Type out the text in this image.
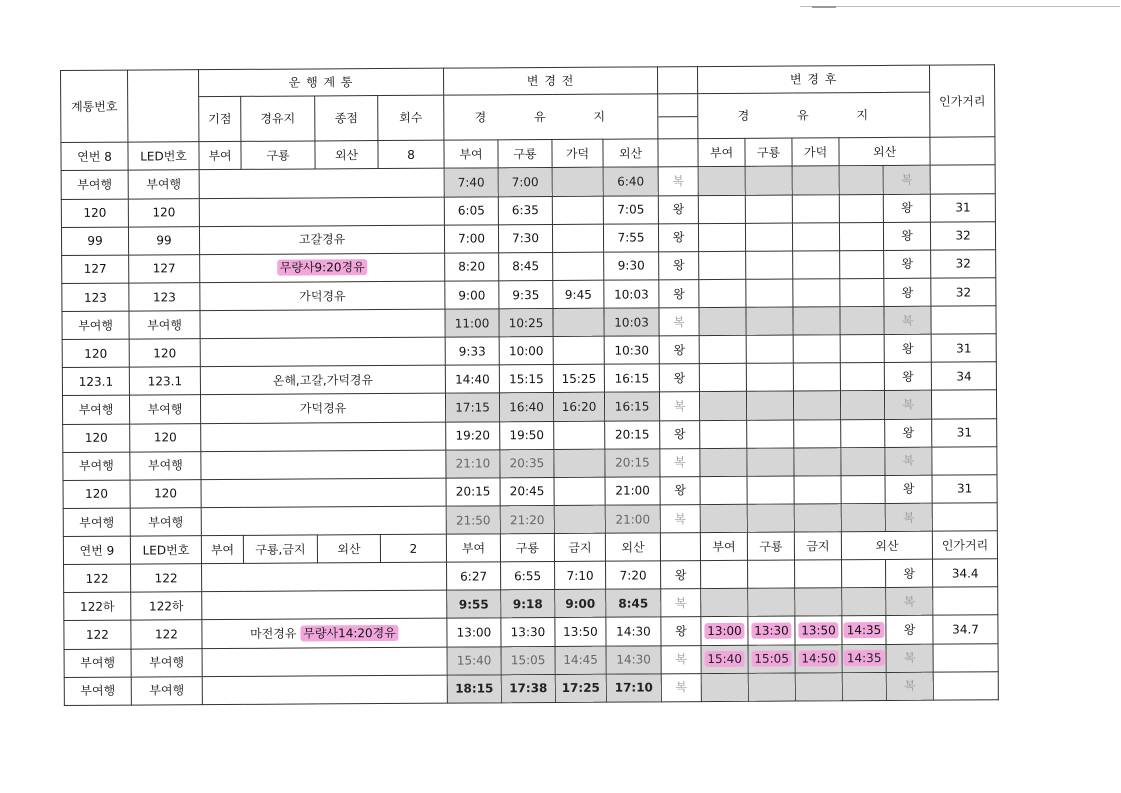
계통번호		운 행 계 통				변 경 전					변 경 후					인가거리
		기점	경유지	종점	회수	경 유 지					경 유 지					
연번 8	LED번호	부여	구룡	외산	8	부여	구룡	가덕	외산		부여	구룡	가덕	외산		
부여행	부여행					7:40	7:00		6:40	복					복	
120	120					6:05	6:35		7:05	왕					왕	31
99	99	고갈경유				7:00	7:30		7:55	왕					왕	32
127	127	무량사9:20경유				8:20	8:45		9:30	왕					왕	32
123	123	가덕경유				9:00	9:35	9:45	10:03	왕					왕	32
부여행	부여행					11:00	10:25		10:03	복					복	
120	120					9:33	10:00		10:30	왕					왕	31
123.1	123.1	온해,고갈,가덕경유				14:40	15:15	15:25	16:15	왕					왕	34
부여행	부여행	가덕경유				17:15	16:40	16:20	16:15	복					복	
120	120					19:20	19:50		20:15	왕					왕	31
부여행	부여행					21:10	20:35		20:15	복					복	
120	120					20:15	20:45		21:00	왕					왕	31
부여행	부여행					21:50	21:20		21:00	복					복	
연번 9	LED번호	부여	구룡,금지	외산	2	부여	구룡	금지	외산		부여	구룡	금지	외산		인가거리
122	122					6:27	6:55	7:10	7:20	왕					왕	34.4
122하	122하					9:55	9:18	9:00	8:45	복					복	
122	122	마전경유 무량사14:20경유				13:00	13:30	13:50	14:30	왕	13:00	13:30	13:50	14:35	왕	34.7
부여행	부여행					15:40	15:05	14:45	14:30	복	15:40	15:05	14:50	14:35	복	
부여행	부여행					18:15	17:38	17:25	17:10	복					복	
